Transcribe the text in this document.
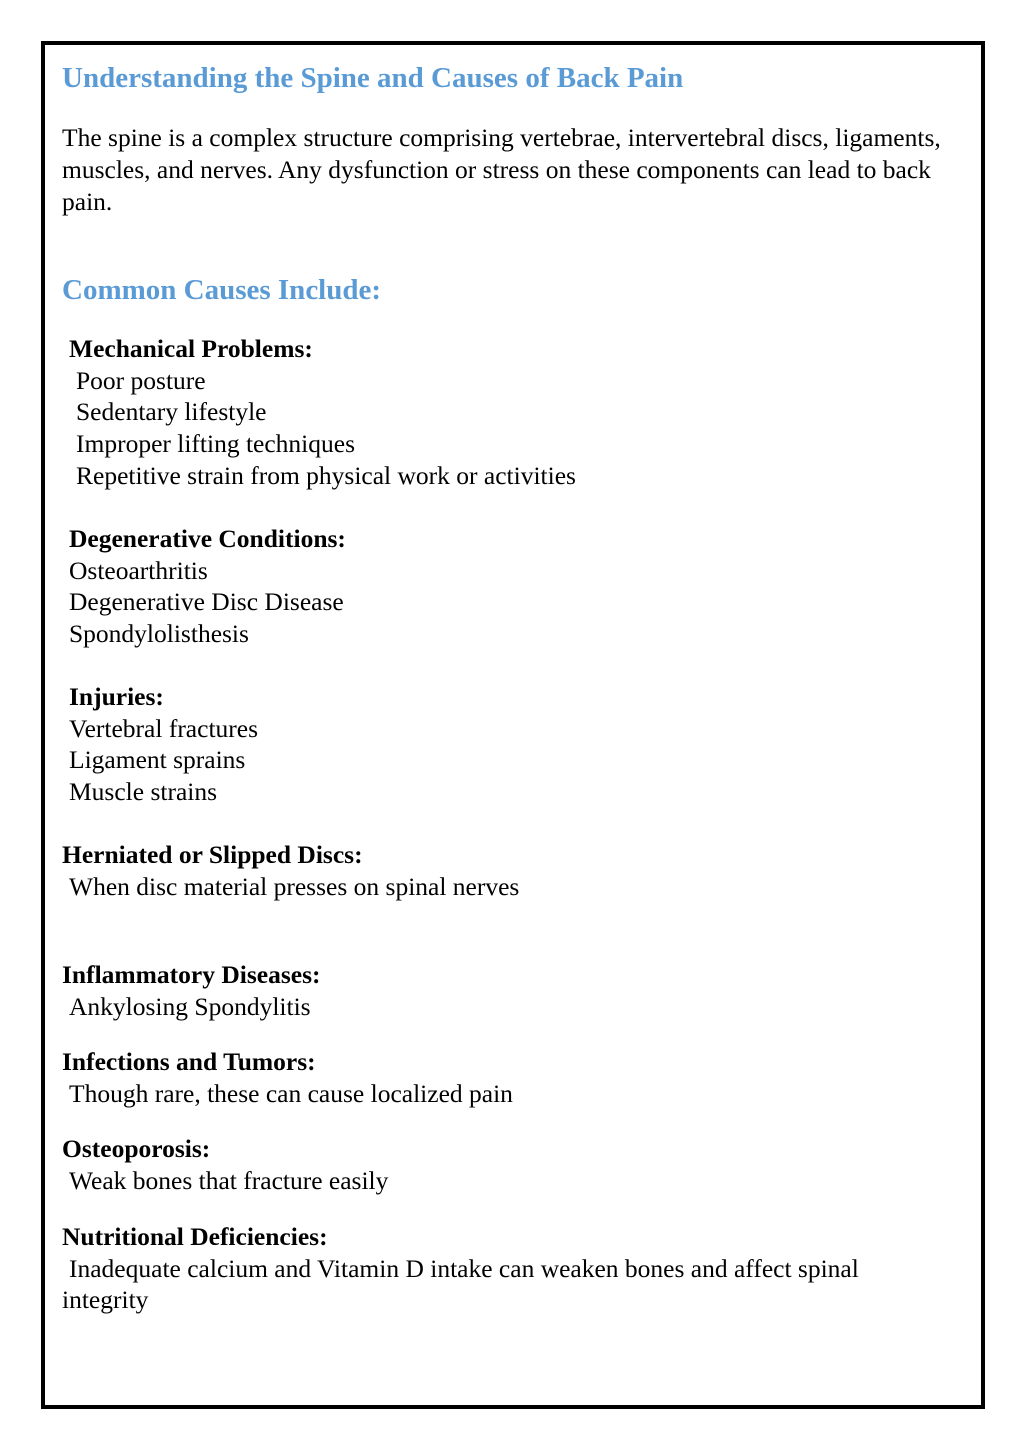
Understanding the Spine and Causes of Back Pain

The spine is a complex structure comprising vertebrae, intervertebral discs, ligaments, muscles, and nerves. Any dysfunction or stress on these components can lead to back pain.

Common Causes Include:
Mechanical Problems:
Poor posture
Sedentary lifestyle
Improper lifting techniques
Repetitive strain from physical work or activities
Degenerative Conditions:
Osteoarthritis
Degenerative Disc Disease
Spondylolisthesis
Injuries:
Vertebral fractures
Ligament sprains
Muscle strains
Herniated or Slipped Discs:
When disc material presses on spinal nerves
Inflammatory Diseases:
Ankylosing Spondylitis
Infections and Tumors:
Though rare, these can cause localized pain
Osteoporosis:
Weak bones that fracture easily
Nutritional Deficiencies:
Inadequate calcium and Vitamin D intake can weaken bones and affect spinal integrity
